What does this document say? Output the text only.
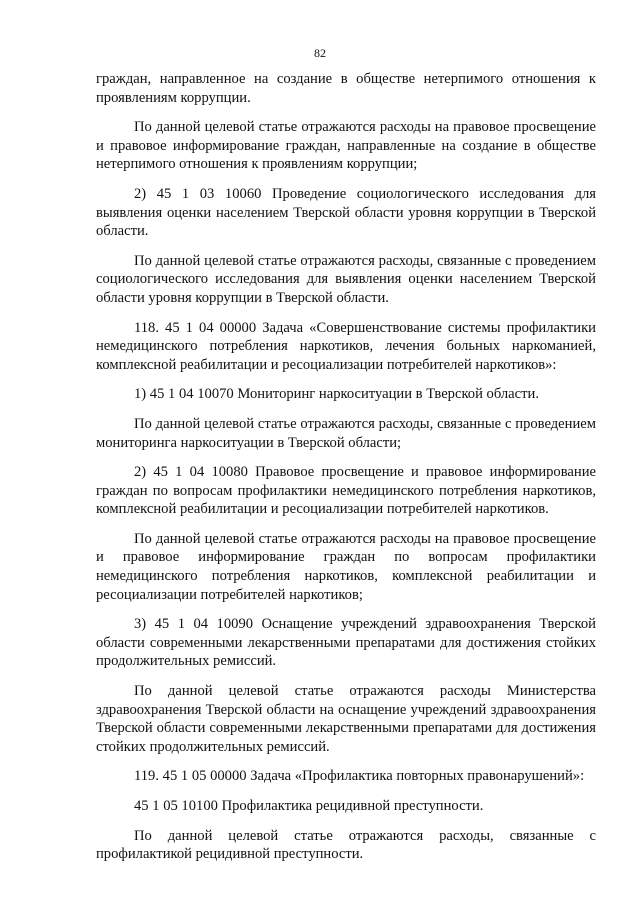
82

граждан, направленное на создание в обществе нетерпимого отношения к проявлениям коррупции.

По данной целевой статье отражаются расходы на правовое просвещение и правовое информирование граждан, направленные на создание в обществе нетерпимого отношения к проявлениям коррупции;

2) 45 1 03 10060 Проведение социологического исследования для выявления оценки населением Тверской области уровня коррупции в Тверской области.

По данной целевой статье отражаются расходы, связанные с проведением социологического исследования для выявления оценки населением Тверской области уровня коррупции в Тверской области.

118. 45 1 04 00000 Задача «Совершенствование системы профилактики немедицинского потребления наркотиков, лечения больных наркоманией, комплексной реабилитации и ресоциализации потребителей наркотиков»:

1) 45 1 04 10070 Мониторинг наркоситуации в Тверской области.

По данной целевой статье отражаются расходы, связанные с проведением мониторинга наркоситуации в Тверской области;

2) 45 1 04 10080 Правовое просвещение и правовое информирование граждан по вопросам профилактики немедицинского потребления наркотиков, комплексной реабилитации и ресоциализации потребителей наркотиков.

По данной целевой статье отражаются расходы на правовое просвещение и правовое информирование граждан по вопросам профилактики немедицинского потребления наркотиков, комплексной реабилитации и ресоциализации потребителей наркотиков;

3) 45 1 04 10090 Оснащение учреждений здравоохранения Тверской области современными лекарственными препаратами для достижения стойких продолжительных ремиссий.

По данной целевой статье отражаются расходы Министерства здравоохранения Тверской области на оснащение учреждений здравоохранения Тверской области современными лекарственными препаратами для достижения стойких продолжительных ремиссий.

119. 45 1 05 00000 Задача «Профилактика повторных правонарушений»:

45 1 05 10100 Профилактика рецидивной преступности.

По данной целевой статье отражаются расходы, связанные с профилактикой рецидивной преступности.
